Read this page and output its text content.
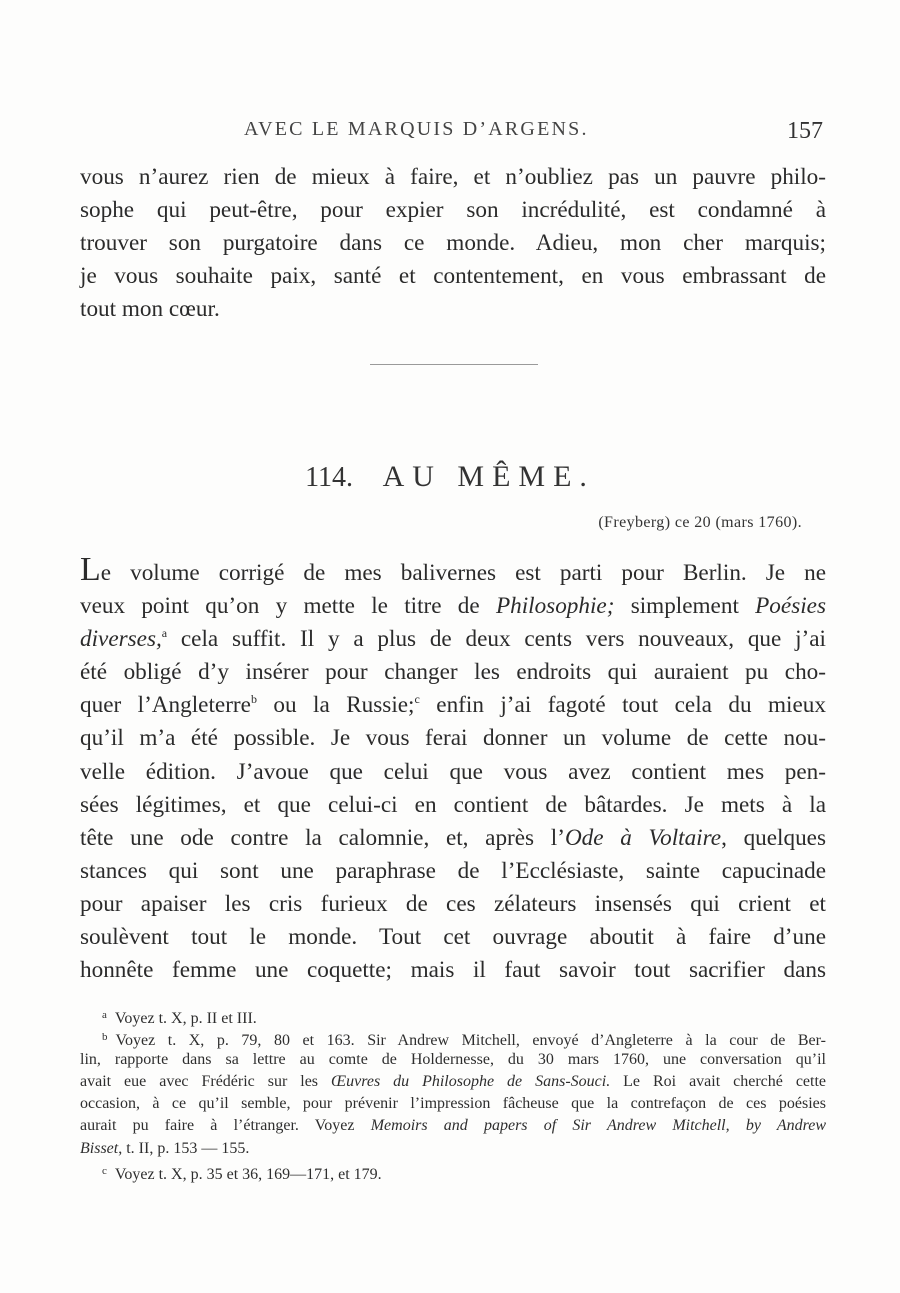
AVEC LE MARQUIS D’ARGENS.	157
vous n’aurez rien de mieux à faire, et n’oubliez pas un pauvre philo-
sophe qui peut-être, pour expier son incrédulité, est condamné à
trouver son purgatoire dans ce monde. Adieu, mon cher marquis;
je vous souhaite paix, santé et contentement, en vous embrassant de
tout mon cœur.
114. AU MÊME.
(Freyberg) ce 20 (mars 1760).
Le volume corrigé de mes balivernes est parti pour Berlin. Je ne
veux point qu’on y mette le titre de Philosophie; simplement Poésies
diverses,$^a$ cela suffit. Il y a plus de deux cents vers nouveaux, que j’ai
été obligé d’y insérer pour changer les endroits qui auraient pu cho-
quer l’Angleterre$^b$ ou la Russie;$^c$ enfin j’ai fagoté tout cela du mieux
qu’il m’a été possible. Je vous ferai donner un volume de cette nou-
velle édition. J’avoue que celui que vous avez contient mes pen-
sées légitimes, et que celui-ci en contient de bâtardes. Je mets à la
tête une ode contre la calomnie, et, après l’Ode à Voltaire, quelques
stances qui sont une paraphrase de l’Ecclésiaste, sainte capucinade
pour apaiser les cris furieux de ces zélateurs insensés qui crient et
soulèvent tout le monde. Tout cet ouvrage aboutit à faire d’une
honnête femme une coquette; mais il faut savoir tout sacrifier dans
$^a$ Voyez t. X, p. II et III.
$^b$ Voyez t. X, p. 79, 80 et 163. Sir Andrew Mitchell, envoyé d’Angleterre à la cour de Ber-
lin, rapporte dans sa lettre au comte de Holdernesse, du 30 mars 1760, une conversation qu’il
avait eue avec Frédéric sur les Œuvres du Philosophe de Sans-Souci. Le Roi avait cherché cette
occasion, à ce qu’il semble, pour prévenir l’impression fâcheuse que la contrefaçon de ces poésies
aurait pu faire à l’étranger. Voyez Memoirs and papers of Sir Andrew Mitchell, by Andrew
Bisset, t. II, p. 153 — 155.
$^c$ Voyez t. X, p. 35 et 36, 169—171, et 179.
